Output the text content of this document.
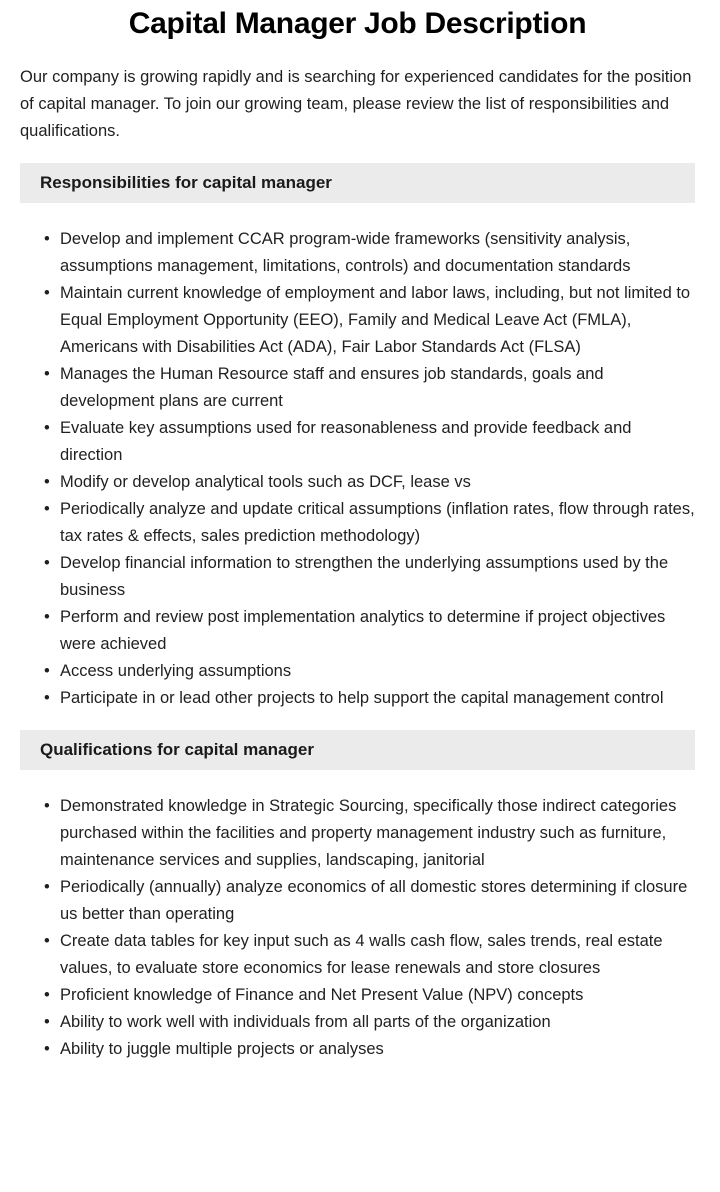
Capital Manager Job Description

Our company is growing rapidly and is searching for experienced candidates for the position of capital manager. To join our growing team, please review the list of responsibilities and qualifications.

Responsibilities for capital manager
• Develop and implement CCAR program-wide frameworks (sensitivity analysis, assumptions management, limitations, controls) and documentation standards
• Maintain current knowledge of employment and labor laws, including, but not limited to Equal Employment Opportunity (EEO), Family and Medical Leave Act (FMLA), Americans with Disabilities Act (ADA), Fair Labor Standards Act (FLSA)
• Manages the Human Resource staff and ensures job standards, goals and development plans are current
• Evaluate key assumptions used for reasonableness and provide feedback and direction
• Modify or develop analytical tools such as DCF, lease vs
• Periodically analyze and update critical assumptions (inflation rates, flow through rates, tax rates & effects, sales prediction methodology)
• Develop financial information to strengthen the underlying assumptions used by the business
• Perform and review post implementation analytics to determine if project objectives were achieved
• Access underlying assumptions
• Participate in or lead other projects to help support the capital management control
Qualifications for capital manager
• Demonstrated knowledge in Strategic Sourcing, specifically those indirect categories purchased within the facilities and property management industry such as furniture, maintenance services and supplies, landscaping, janitorial
• Periodically (annually) analyze economics of all domestic stores determining if closure us better than operating
• Create data tables for key input such as 4 walls cash flow, sales trends, real estate values, to evaluate store economics for lease renewals and store closures
• Proficient knowledge of Finance and Net Present Value (NPV) concepts
• Ability to work well with individuals from all parts of the organization
• Ability to juggle multiple projects or analyses
